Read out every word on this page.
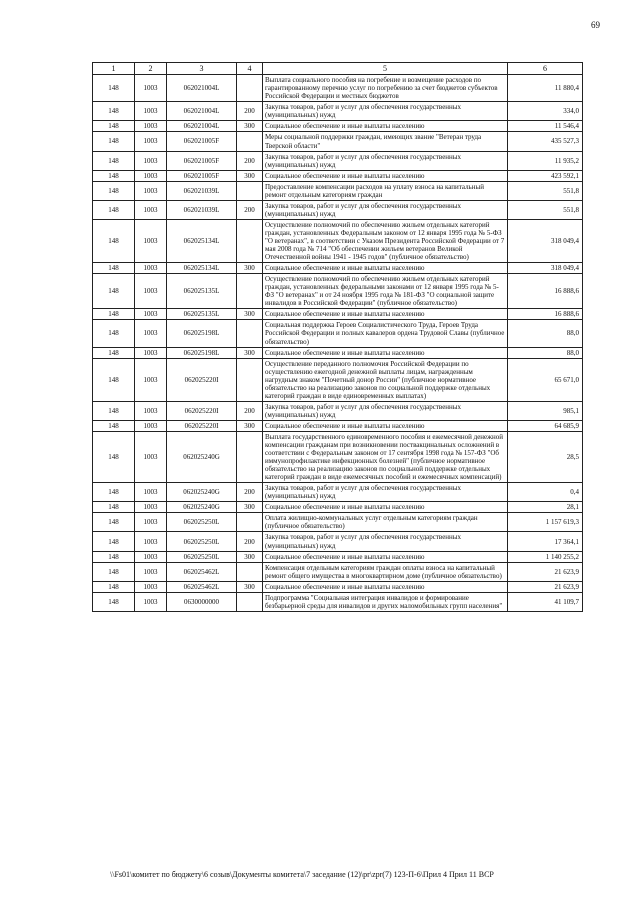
69
1	2	3	4	5	6
148	1003	062021004L		Выплата социального пособия на погребение и возмещение расходов по гарантированному перечню услуг по погребению за счет бюджетов субъектов Российской Федерации и местных бюджетов	11 880,4
148	1003	062021004L	200	Закупка товаров, работ и услуг для обеспечения государственных (муниципальных) нужд	334,0
148	1003	062021004L	300	Социальное обеспечение и иные выплаты населению	11 546,4
148	1003	062021005F		Меры социальной поддержки граждан, имеющих звание "Ветеран труда Тверской области"	435 527,3
148	1003	062021005F	200	Закупка товаров, работ и услуг для обеспечения государственных (муниципальных) нужд	11 935,2
148	1003	062021005F	300	Социальное обеспечение и иные выплаты населению	423 592,1
148	1003	062021039L		Предоставление компенсации расходов на уплату взноса на капитальный ремонт отдельным категориям граждан	551,8
148	1003	062021039L	200	Закупка товаров, работ и услуг для обеспечения государственных (муниципальных) нужд	551,8
148	1003	062025134L		Осуществление полномочий по обеспечению жильем отдельных категорий граждан, установленных Федеральным законом от 12 января 1995 года № 5-ФЗ "О ветеранах", в соответствии с Указом Президента Российской Федерации от 7 мая 2008 года № 714 "Об обеспечении жильем ветеранов Великой Отечественной войны 1941 - 1945 годов" (публичное обязательство)	318 049,4
148	1003	062025134L	300	Социальное обеспечение и иные выплаты населению	318 049,4
148	1003	062025135L		Осуществление полномочий по обеспечению жильем отдельных категорий граждан, установленных федеральными законами от 12 января 1995 года № 5-ФЗ "О ветеранах" и от 24 ноября 1995 года № 181-ФЗ "О социальной защите инвалидов в Российской Федерации" (публичное обязательство)	16 888,6
148	1003	062025135L	300	Социальное обеспечение и иные выплаты населению	16 888,6
148	1003	062025198L		Социальная поддержка Героев Социалистического Труда, Героев Труда Российской Федерации и полных кавалеров ордена Трудовой Славы (публичное обязательство)	88,0
148	1003	062025198L	300	Социальное обеспечение и иные выплаты населению	88,0
148	1003	062025220I		Осуществление переданного полномочия Российской Федерации по осуществлению ежегодной денежной выплаты лицам, награжденным нагрудным знаком "Почетный донор России" (публичное нормативное обязательство на реализацию законов по социальной поддержке отдельных категорий граждан в виде единовременных выплатах)	65 671,0
148	1003	062025220I	200	Закупка товаров, работ и услуг для обеспечения государственных (муниципальных) нужд	985,1
148	1003	062025220I	300	Социальное обеспечение и иные выплаты населению	64 685,9
148	1003	062025240G		Выплата государственного единовременного пособия и ежемесячной денежной компенсации гражданам при возникновении поствакцинальных осложнений в соответствии с Федеральным законом от 17 сентября 1998 года № 157-ФЗ "Об иммунопрофилактике инфекционных болезней" (публичное нормативное обязательство на реализацию законов по социальной поддержке отдельных категорий граждан в виде ежемесячных пособий и ежемесячных компенсаций)	28,5
148	1003	062025240G	200	Закупка товаров, работ и услуг для обеспечения государственных (муниципальных) нужд	0,4
148	1003	062025240G	300	Социальное обеспечение и иные выплаты населению	28,1
148	1003	062025250L		Оплата жилищно-коммунальных услуг отдельным категориям граждан (публичное обязательство)	1 157 619,3
148	1003	062025250L	200	Закупка товаров, работ и услуг для обеспечения государственных (муниципальных) нужд	17 364,1
148	1003	062025250L	300	Социальное обеспечение и иные выплаты населению	1 140 255,2
148	1003	062025462L		Компенсация отдельным категориям граждан оплаты взноса на капитальный ремонт общего имущества в многоквартирном доме (публичное обязательство)	21 623,9
148	1003	062025462L	300	Социальное обеспечение и иные выплаты населению	21 623,9
148	1003	0630000000		Подпрограмма "Социальная интеграция инвалидов и формирование безбарьерной среды для инвалидов и других маломобильных групп населения"	41 109,7
\\Fs01\комитет по бюджету\6 созыв\Документы комитета\7 заседание (12)\pr\zpr(7) 123-П-6\Прил 4 Прил 11 ВСР
